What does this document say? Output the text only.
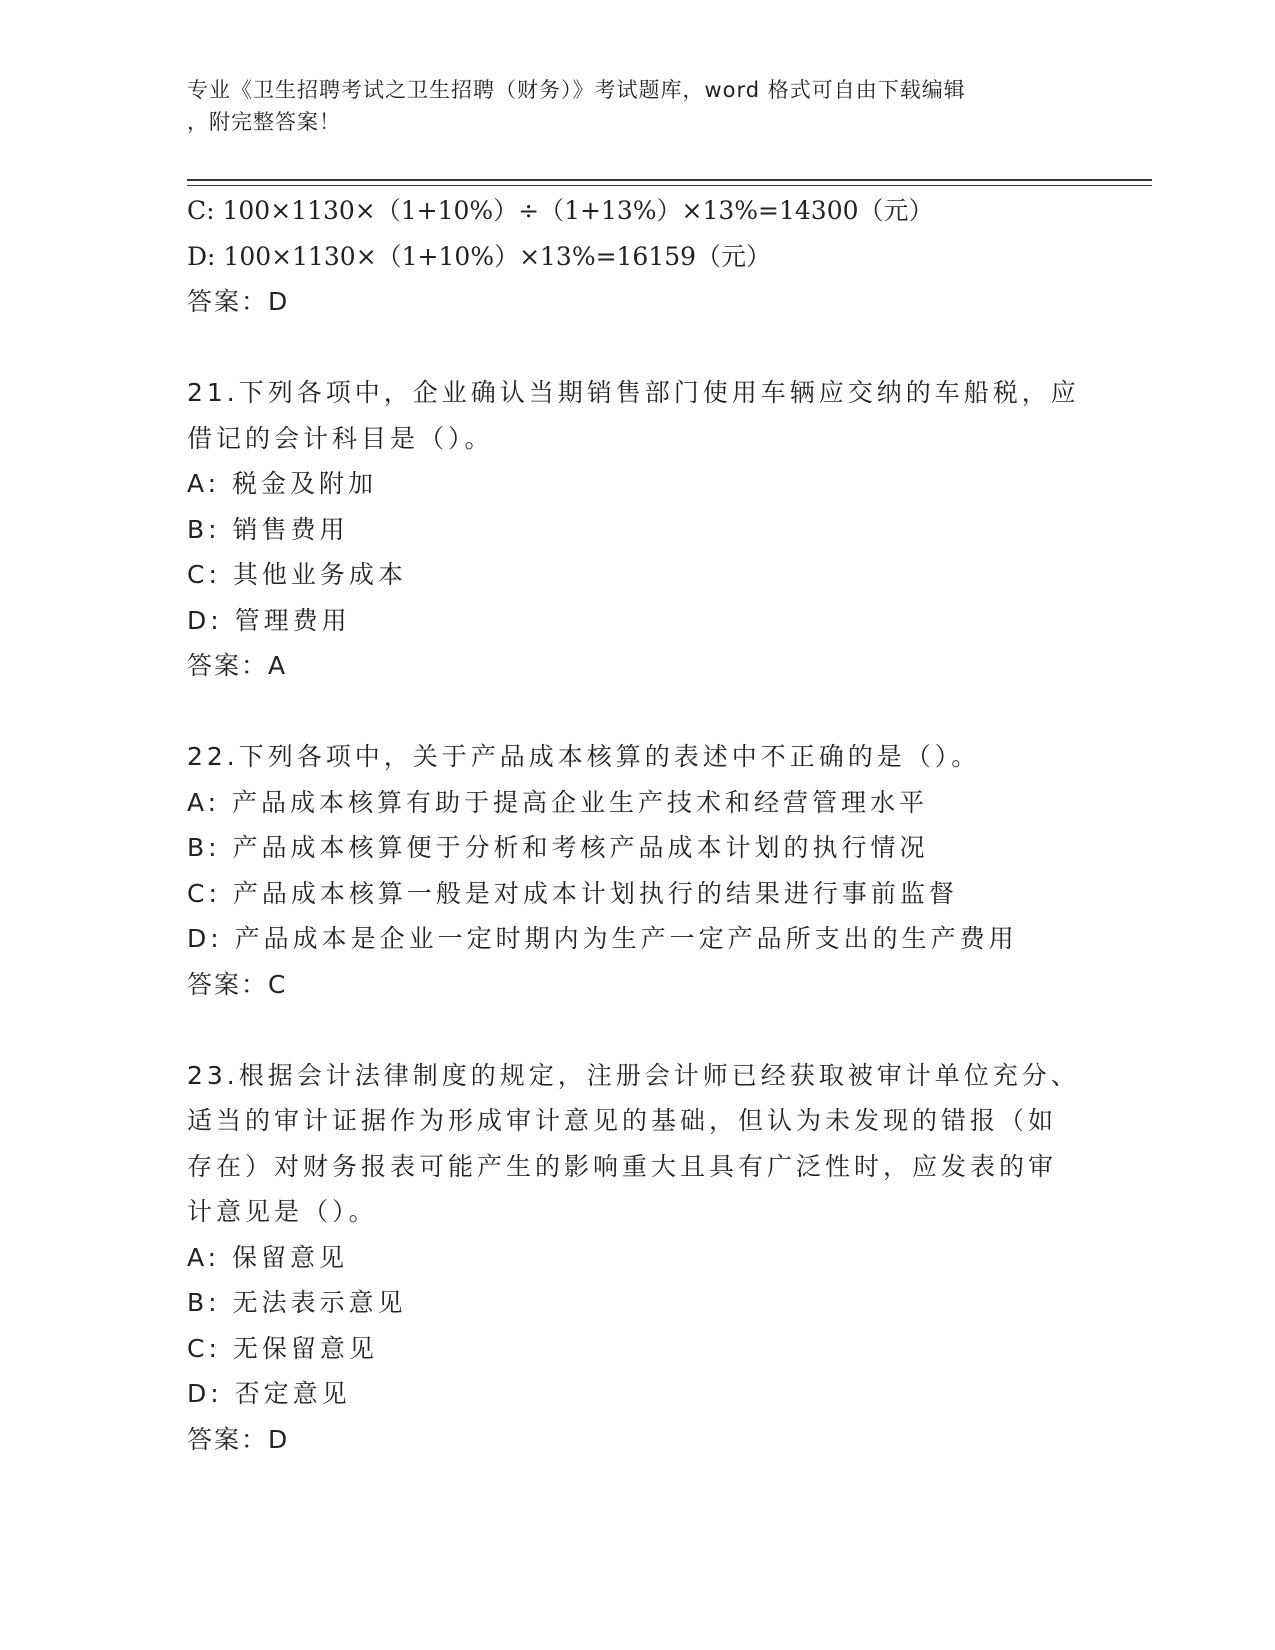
专业《卫生招聘考试之卫生招聘（财务）》考试题库，word 格式可自由下载编辑
，附完整答案！
C: 100×1130×（1+10%）÷（1+13%）×13%=14300（元）
D: 100×1130×（1+10%）×13%=16159（元）
答案：D
21.下列各项中，企业确认当期销售部门使用车辆应交纳的车船税，应
借记的会计科目是（）。
A: 税金及附加
B: 销售费用
C: 其他业务成本
D: 管理费用
答案：A
22.下列各项中，关于产品成本核算的表述中不正确的是（）。
A: 产品成本核算有助于提高企业生产技术和经营管理水平
B: 产品成本核算便于分析和考核产品成本计划的执行情况
C: 产品成本核算一般是对成本计划执行的结果进行事前监督
D: 产品成本是企业一定时期内为生产一定产品所支出的生产费用
答案：C
23.根据会计法律制度的规定，注册会计师已经获取被审计单位充分、
适当的审计证据作为形成审计意见的基础，但认为未发现的错报（如
存在）对财务报表可能产生的影响重大且具有广泛性时，应发表的审
计意见是（）。
A: 保留意见
B: 无法表示意见
C: 无保留意见
D: 否定意见
答案：D
